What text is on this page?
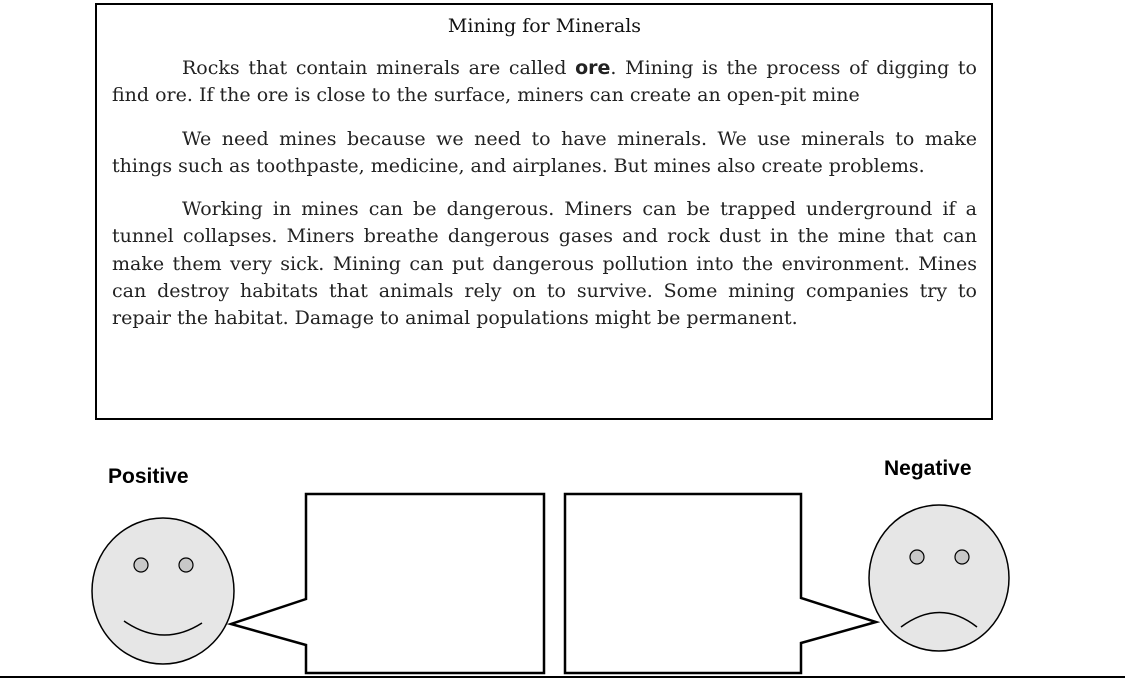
Mining for Minerals

Rocks that contain minerals are called ore. Mining is the process of digging to find ore. If the ore is close to the surface, miners can create an open-pit mine

We need mines because we need to have minerals. We use minerals to make things such as toothpaste, medicine, and airplanes. But mines also create problems.

Working in mines can be dangerous. Miners can be trapped underground if a tunnel collapses. Miners breathe dangerous gases and rock dust in the mine that can make them very sick. Mining can put dangerous pollution into the environment. Mines can destroy habitats that animals rely on to survive. Some mining companies try to repair the habitat. Damage to animal populations might be permanent.

Positive	Negative
